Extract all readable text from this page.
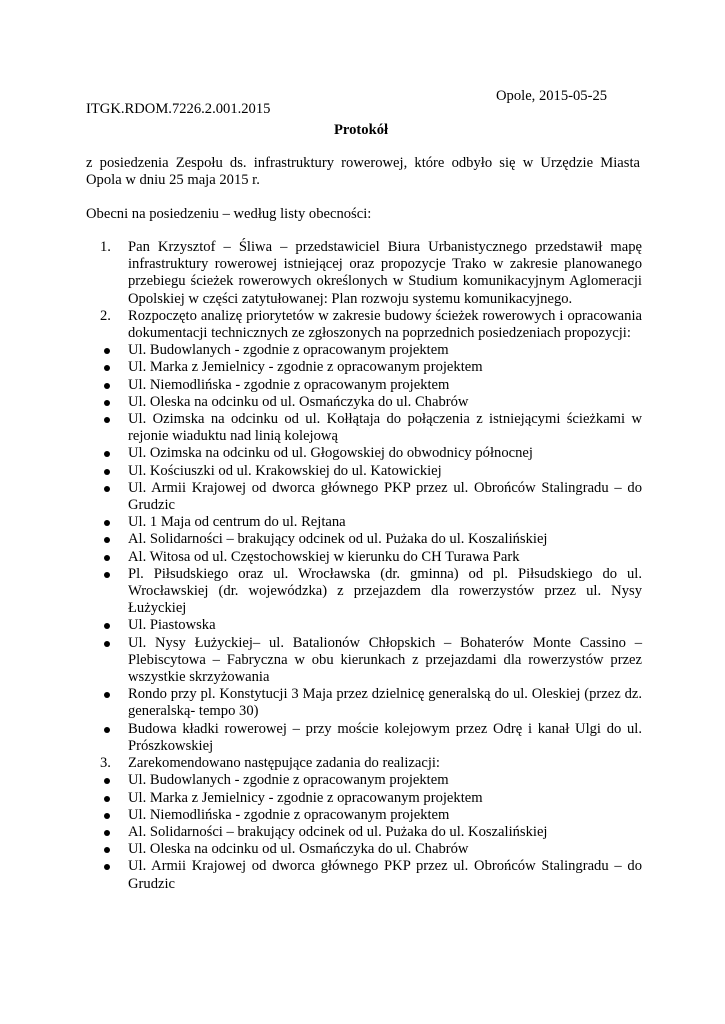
Opole, 2015-05-25
ITGK.RDOM.7226.2.001.2015
Protokół
z posiedzenia Zespołu ds. infrastruktury rowerowej, które odbyło się w Urzędzie Miasta Opola w dniu 25 maja 2015 r.
Obecni na posiedzeniu – według listy obecności:
1.	Pan Krzysztof – Śliwa – przedstawiciel Biura Urbanistycznego przedstawił mapę infrastruktury rowerowej istniejącej oraz propozycje Trako w zakresie planowanego przebiegu ścieżek rowerowych określonych w Studium komunikacyjnym Aglomeracji Opolskiej w części zatytułowanej: Plan rozwoju systemu komunikacyjnego.
2.	Rozpoczęto analizę priorytetów w zakresie budowy ścieżek rowerowych i opracowania dokumentacji technicznych ze zgłoszonych na poprzednich posiedzeniach propozycji:
Ul. Budowlanych - zgodnie z opracowanym projektem
Ul. Marka z Jemielnicy - zgodnie z opracowanym projektem
Ul. Niemodlińska - zgodnie z opracowanym projektem
Ul. Oleska na odcinku od ul. Osmańczyka do ul. Chabrów
Ul. Ozimska na odcinku od ul. Kołłątaja do połączenia z istniejącymi ścieżkami w rejonie wiaduktu nad linią kolejową
Ul. Ozimska na odcinku od ul. Głogowskiej do obwodnicy północnej
Ul. Kościuszki od ul. Krakowskiej do ul. Katowickiej
Ul. Armii Krajowej od dworca głównego PKP przez ul. Obrońców Stalingradu – do Grudzic
Ul. 1 Maja od centrum do ul. Rejtana
Al. Solidarności – brakujący odcinek od ul. Pużaka do ul. Koszalińskiej
Al. Witosa od ul. Częstochowskiej w kierunku do CH Turawa Park
Pl. Piłsudskiego oraz ul. Wrocławska (dr. gminna) od pl. Piłsudskiego do ul. Wrocławskiej (dr. wojewódzka) z przejazdem dla rowerzystów przez ul. Nysy Łużyckiej
Ul. Piastowska
Ul. Nysy Łużyckiej– ul. Batalionów Chłopskich – Bohaterów Monte Cassino – Plebiscytowa – Fabryczna w obu kierunkach z przejazdami dla rowerzystów przez wszystkie skrzyżowania
Rondo przy pl. Konstytucji 3 Maja przez dzielnicę generalską do ul. Oleskiej (przez dz. generalską- tempo 30)
Budowa kładki rowerowej – przy moście kolejowym przez Odrę i kanał Ulgi do ul. Prószkowskiej
3.	Zarekomendowano następujące zadania do realizacji:
Ul. Budowlanych - zgodnie z opracowanym projektem
Ul. Marka z Jemielnicy - zgodnie z opracowanym projektem
Ul. Niemodlińska - zgodnie z opracowanym projektem
Al. Solidarności – brakujący odcinek od ul. Pużaka do ul. Koszalińskiej
Ul. Oleska na odcinku od ul. Osmańczyka do ul. Chabrów
Ul. Armii Krajowej od dworca głównego PKP przez ul. Obrońców Stalingradu – do Grudzic
